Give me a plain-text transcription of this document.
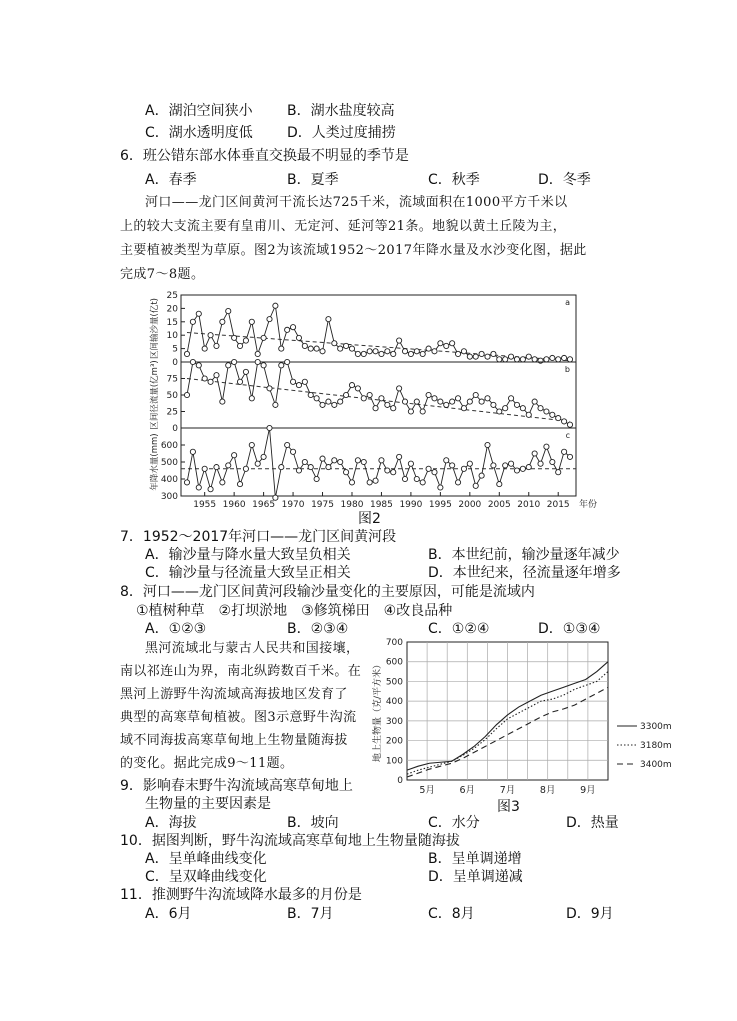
A．湖泊空间狭小 B．湖水盐度较高
C．湖水透明度低 D．人类过度捕捞
6．班公错东部水体垂直交换最不明显的季节是
A．春季	B．夏季	C．秋季	D．冬季
河口——龙门区间黄河干流长达725千米，流域面积在1000平方千米以
上的较大支流主要有皇甫川、无定河、延河等21条。地貌以黄土丘陵为主，
主要植被类型为草原。图2为该流域1952～2017年降水量及水沙变化图，据此
完成7～8题。
0
5
10
15
20
25
区间输沙量(亿t)	a
0
25
50
75
区间径流量(亿m³)	b
300
400
500
600
年降水量(mm)	c
1955 1960 1965 1970 1975 1980 1985 1990 1995 2000 2005 2010 2015 年份
图2
7．1952～2017年河口——龙门区间黄河段
A．输沙量与降水量大致呈负相关	B．本世纪前，输沙量逐年减少
C．输沙量与径流量大致呈正相关	D．本世纪来，径流量逐年增多
8．河口——龙门区间黄河段输沙量变化的主要原因，可能是流域内
①植树种草　②打坝淤地　③修筑梯田　④改良品种
A．①②③	B．②③④	C．①②④	D．①③④
黑河流域北与蒙古人民共和国接壤，
南以祁连山为界，南北纵跨数百千米。在
黑河上游野牛沟流域高海拔地区发育了
典型的高寒草甸植被。图3示意野牛沟流
域不同海拔高寒草甸地上生物量随海拔
的变化。据此完成9～11题。
0
100
200
300
400
500
600
700
5月	6月	7月	8月	9月
地上生物量（克/平方米）	3300m
3180m
3400m
图3
9．影响春末野牛沟流域高寒草甸地上
生物量的主要因素是
A．海拔	B．坡向	C．水分	D．热量
10．据图判断，野牛沟流域高寒草甸地上生物量随海拔
A．呈单峰曲线变化	B．呈单调递增
C．呈双峰曲线变化	D．呈单调递减
11．推测野牛沟流域降水最多的月份是
A．6月	B．7月	C．8月	D．9月
